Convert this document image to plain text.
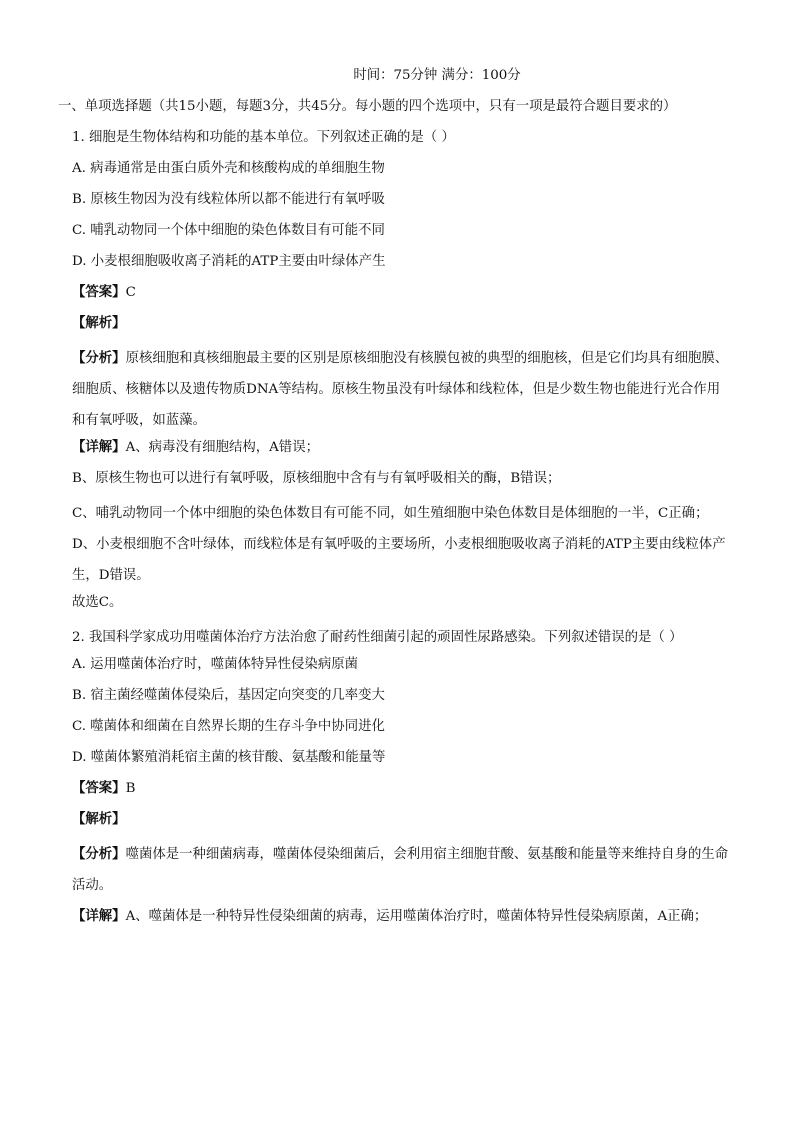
时间：75分钟 满分：100分
一、单项选择题（共15小题，每题3分，共45分。每小题的四个选项中，只有一项是最符合题目要求的）
1. 细胞是生物体结构和功能的基本单位。下列叙述正确的是（ ）
A. 病毒通常是由蛋白质外壳和核酸构成的单细胞生物
B. 原核生物因为没有线粒体所以都不能进行有氧呼吸
C. 哺乳动物同一个体中细胞的染色体数目有可能不同
D. 小麦根细胞吸收离子消耗的ATP主要由叶绿体产生
【答案】C
【解析】
【分析】原核细胞和真核细胞最主要的区别是原核细胞没有核膜包被的典型的细胞核，但是它们均具有细胞膜、细胞质、核糖体以及遗传物质DNA等结构。原核生物虽没有叶绿体和线粒体，但是少数生物也能进行光合作用和有氧呼吸，如蓝藻。
【详解】A、病毒没有细胞结构，A错误；
B、原核生物也可以进行有氧呼吸，原核细胞中含有与有氧呼吸相关的酶，B错误；
C、哺乳动物同一个体中细胞的染色体数目有可能不同，如生殖细胞中染色体数目是体细胞的一半，C正确；
D、小麦根细胞不含叶绿体，而线粒体是有氧呼吸的主要场所，小麦根细胞吸收离子消耗的ATP主要由线粒体产生，D错误。
故选C。
2. 我国科学家成功用噬菌体治疗方法治愈了耐药性细菌引起的顽固性尿路感染。下列叙述错误的是（ ）
A. 运用噬菌体治疗时，噬菌体特异性侵染病原菌
B. 宿主菌经噬菌体侵染后，基因定向突变的几率变大
C. 噬菌体和细菌在自然界长期的生存斗争中协同进化
D. 噬菌体繁殖消耗宿主菌的核苷酸、氨基酸和能量等
【答案】B
【解析】
【分析】噬菌体是一种细菌病毒，噬菌体侵染细菌后，会利用宿主细胞苷酸、氨基酸和能量等来维持自身的生命活动。
【详解】A、噬菌体是一种特异性侵染细菌的病毒，运用噬菌体治疗时，噬菌体特异性侵染病原菌，A正确；
